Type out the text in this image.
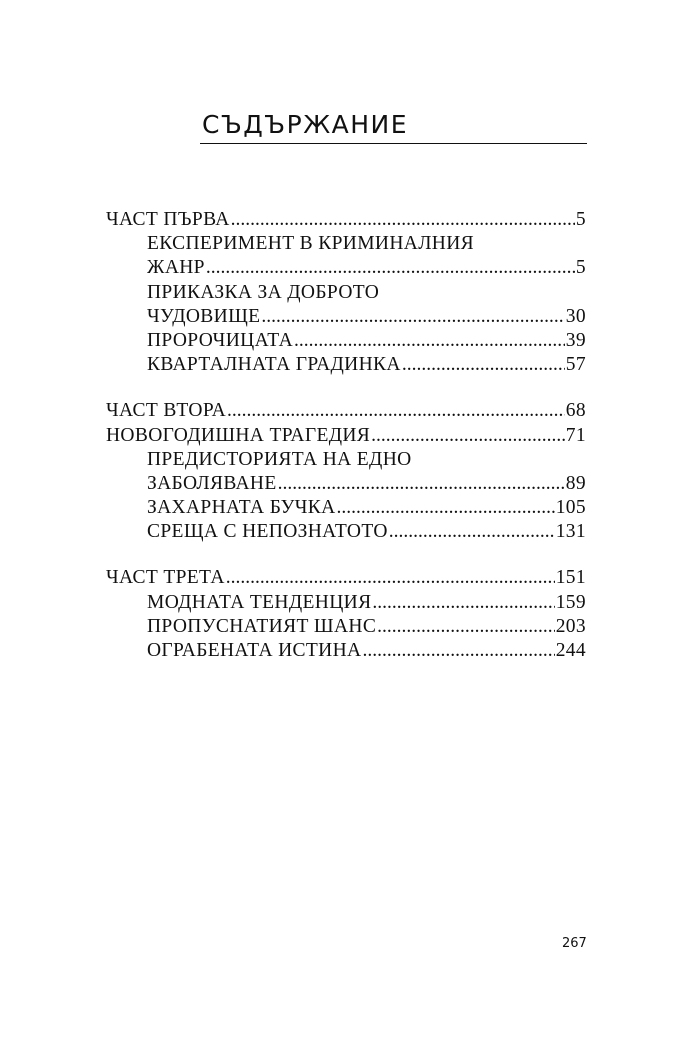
СЪДЪРЖАНИЕ
ЧАСТ ПЪРВА .....	5
ЕКСПЕРИМЕНТ В КРИМИНАЛНИЯ
ЖАНР .....	5
ПРИКАЗКА ЗА ДОБРОТО
ЧУДОВИЩЕ .....	30
ПРОРОЧИЦАТА .....	39
КВАРТАЛНАТА ГРАДИНКА .....	57
ЧАСТ ВТОРА .....	68
НОВОГОДИШНА ТРАГЕДИЯ .....	71
ПРЕДИСТОРИЯТА НА ЕДНО
ЗАБОЛЯВАНЕ .....	89
ЗАХАРНАТА БУЧКА .....	105
СРЕЩА С НЕПОЗНАТОТО .....	131
ЧАСТ ТРЕТА .....	151
МОДНАТА ТЕНДЕНЦИЯ .....	159
ПРОПУСНАТИЯТ ШАНС .....	203
ОГРАБЕНАТА ИСТИНА .....	244
267
